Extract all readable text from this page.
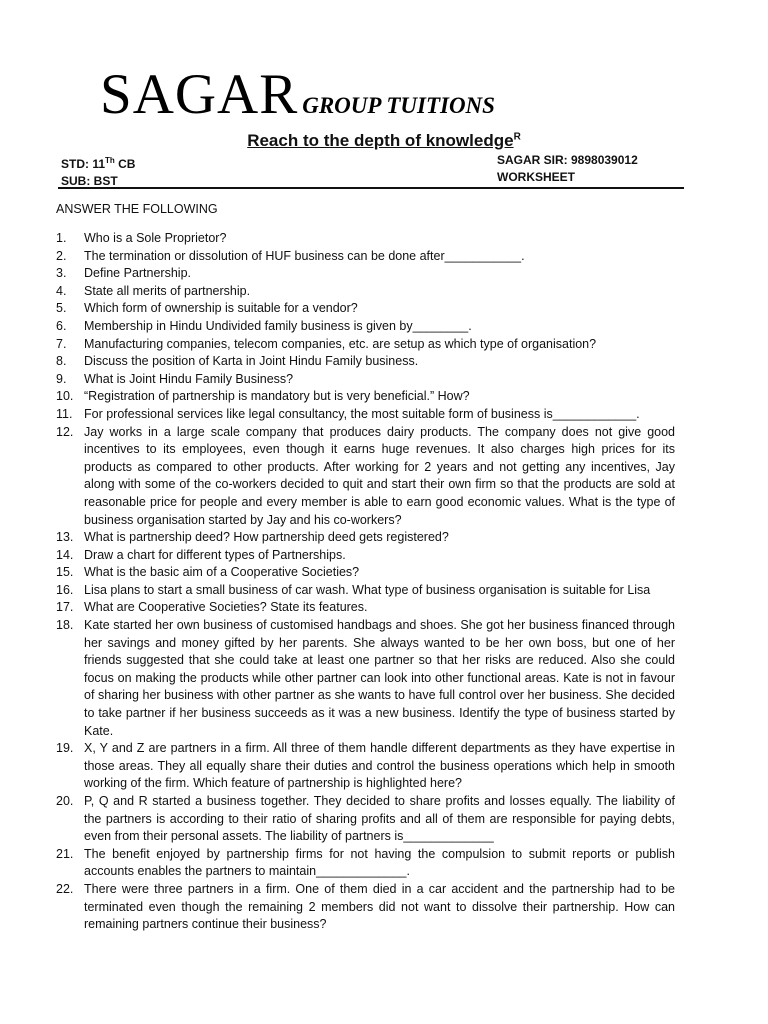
SAGAR GROUP TUITIONS
Reach to the depth of knowledge$^R$
STD: 11Th CB
SUB: BST
SAGAR SIR: 9898039012
WORKSHEET
ANSWER THE FOLLOWING
1. Who is a Sole Proprietor?
2. The termination or dissolution of HUF business can be done after___________.
3. Define Partnership.
4. State all merits of partnership.
5. Which form of ownership is suitable for a vendor?
6. Membership in Hindu Undivided family business is given by________.
7. Manufacturing companies, telecom companies, etc. are setup as which type of organisation?
8. Discuss the position of Karta in Joint Hindu Family business.
9. What is Joint Hindu Family Business?
10. “Registration of partnership is mandatory but is very beneficial.” How?
11. For professional services like legal consultancy, the most suitable form of business is____________.
12. Jay works in a large scale company that produces dairy products. The company does not give good incentives to its employees, even though it earns huge revenues. It also charges high prices for its products as compared to other products. After working for 2 years and not getting any incentives, Jay along with some of the co-workers decided to quit and start their own firm so that the products are sold at reasonable price for people and every member is able to earn good economic values. What is the type of business organisation started by Jay and his co-workers?
13. What is partnership deed? How partnership deed gets registered?
14. Draw a chart for different types of Partnerships.
15. What is the basic aim of a Cooperative Societies?
16. Lisa plans to start a small business of car wash. What type of business organisation is suitable for Lisa
17. What are Cooperative Societies? State its features.
18. Kate started her own business of customised handbags and shoes. She got her business financed through her savings and money gifted by her parents. She always wanted to be her own boss, but one of her friends suggested that she could take at least one partner so that her risks are reduced. Also she could focus on making the products while other partner can look into other functional areas. Kate is not in favour of sharing her business with other partner as she wants to have full control over her business. She decided to take partner if her business succeeds as it was a new business. Identify the type of business started by Kate.
19. X, Y and Z are partners in a firm. All three of them handle different departments as they have expertise in those areas. They all equally share their duties and control the business operations which help in smooth working of the firm. Which feature of partnership is highlighted here?
20. P, Q and R started a business together. They decided to share profits and losses equally. The liability of the partners is according to their ratio of sharing profits and all of them are responsible for paying debts, even from their personal assets. The liability of partners is_____________
21. The benefit enjoyed by partnership firms for not having the compulsion to submit reports or publish accounts enables the partners to maintain_____________.
22. There were three partners in a firm. One of them died in a car accident and the partnership had to be terminated even though the remaining 2 members did not want to dissolve their partnership. How can remaining partners continue their business?
